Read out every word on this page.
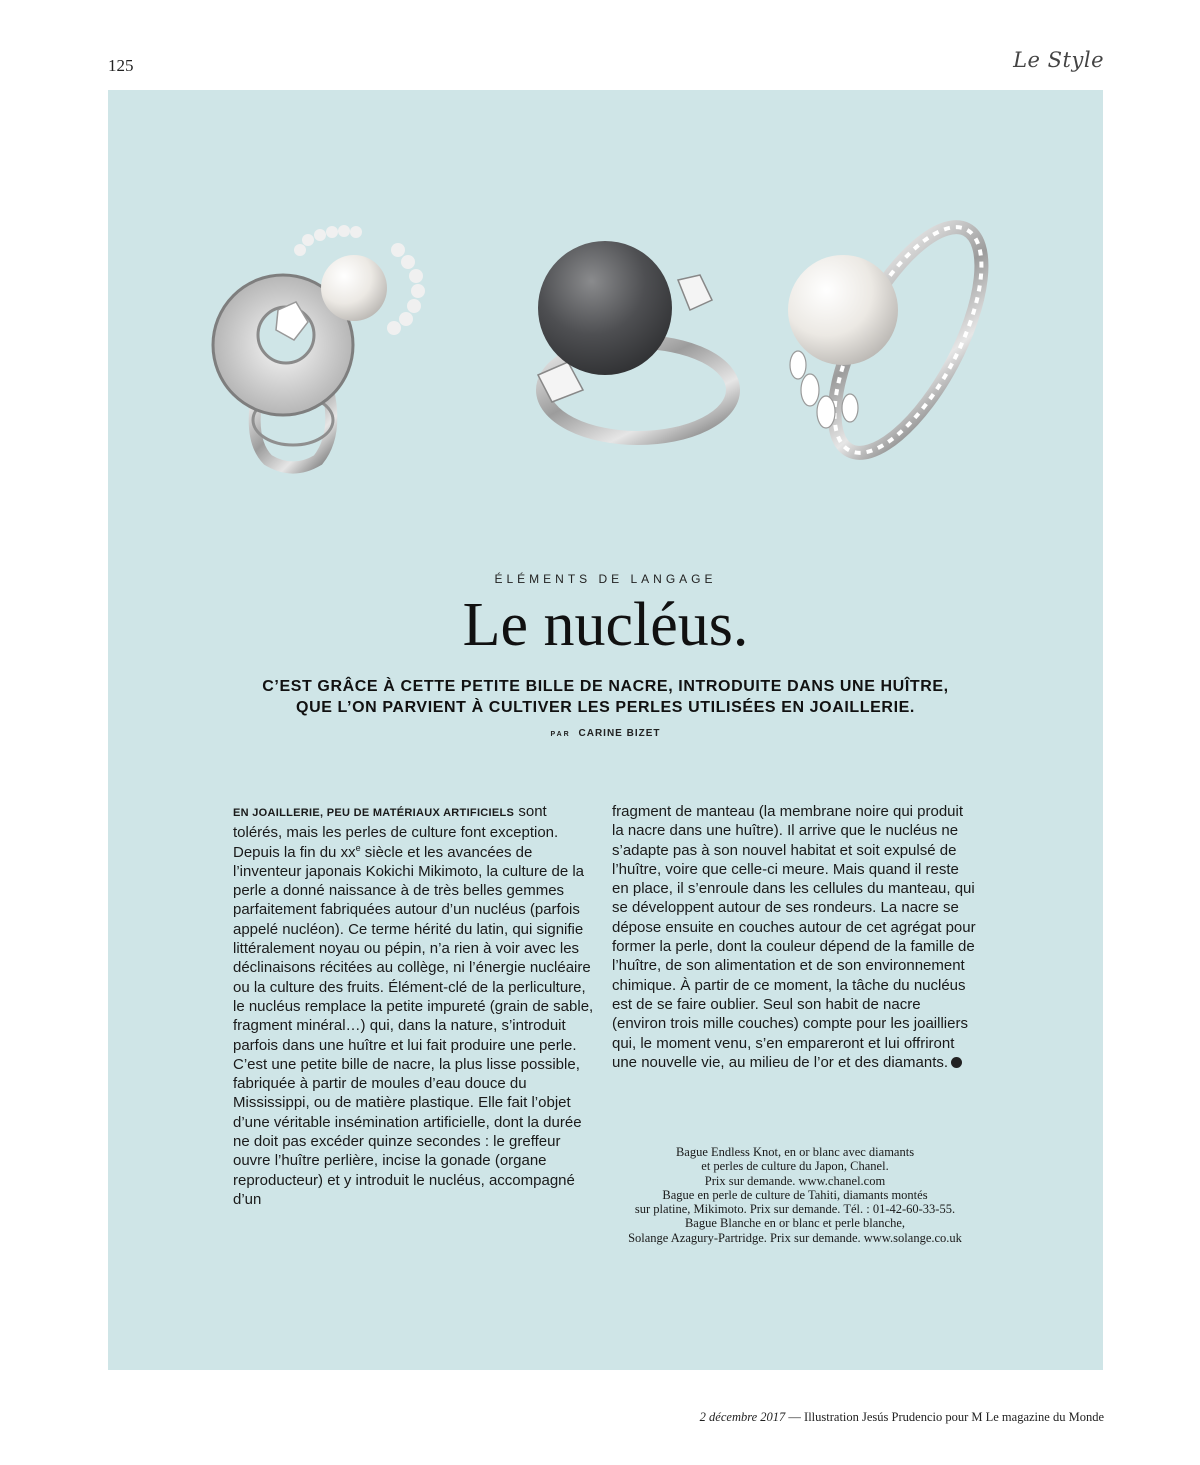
125	Le Style
ÉLÉMENTS DE LANGAGE
Le nucléus.
C’EST GRÂCE À CETTE PETITE BILLE DE NACRE, INTRODUITE DANS UNE HUÎTRE,
QUE L’ON PARVIENT À CULTIVER LES PERLES UTILISÉES EN JOAILLERIE.
PAR CARINE BIZET

EN JOAILLERIE, PEU DE MATÉRIAUX ARTIFICIELS sont tolérés, mais les perles de culture font exception. Depuis la fin du $xx^e$ siècle et les avancées de l’inventeur japonais Kokichi Mikimoto, la culture de la perle a donné naissance à de très belles gemmes parfaitement fabriquées autour d’un nucléus (parfois appelé nucléon). Ce terme hérité du latin, qui signifie littéralement noyau ou pépin, n’a rien à voir avec les déclinaisons récitées au collège, ni l’énergie nucléaire ou la culture des fruits. Élément-clé de la perliculture, le nucléus remplace la petite impureté (grain de sable, fragment minéral…) qui, dans la nature, s’introduit parfois dans une huître et lui fait produire une perle. C’est une petite bille de nacre, la plus lisse possible, fabriquée à partir de moules d’eau douce du Mississippi, ou de matière plastique. Elle fait l’objet d’une véritable insémination artificielle, dont la durée ne doit pas excéder quinze secondes : le greffeur ouvre l’huître perlière, incise la gonade (organe reproducteur) et y introduit le nucléus, accompagné d’un

fragment de manteau (la membrane noire qui produit la nacre dans une huître). Il arrive que le nucléus ne s’adapte pas à son nouvel habitat et soit expulsé de l’huître, voire que celle-ci meure. Mais quand il reste en place, il s’enroule dans les cellules du manteau, qui se développent autour de ses rondeurs. La nacre se dépose ensuite en couches autour de cet agrégat pour former la perle, dont la couleur dépend de la famille de l’huître, de son alimentation et de son environnement chimique. À partir de ce moment, la tâche du nucléus est de se faire oublier. Seul son habit de nacre (environ trois mille couches) compte pour les joailliers qui, le moment venu, s’en empareront et lui offriront une nouvelle vie, au milieu de l’or et des diamants.

Bague Endless Knot, en or blanc avec diamants
et perles de culture du Japon, Chanel.
Prix sur demande. www.chanel.com
Bague en perle de culture de Tahiti, diamants montés
sur platine, Mikimoto. Prix sur demande. Tél. : 01-42-60-33-55.
Bague Blanche en or blanc et perle blanche,
Solange Azagury-Partridge. Prix sur demande. www.solange.co.uk
2 décembre 2017 — Illustration Jesús Prudencio pour M Le magazine du Monde
